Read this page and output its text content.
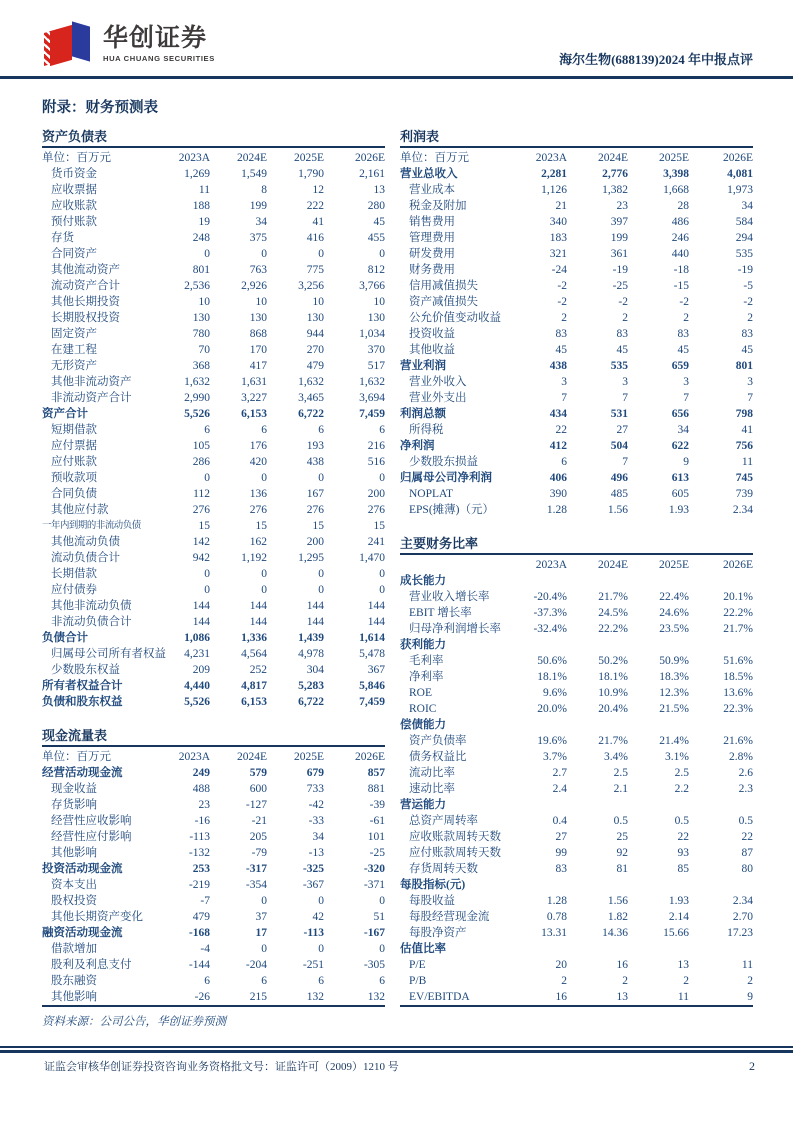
华创证券
HUA CHUANG SECURITIES	海尔生物(688139)2024 年中报点评
附录：财务预测表
资产负债表
单位：百万元	2023A	2024E	2025E	2026E
货币资金	1,269	1,549	1,790	2,161
应收票据	11	8	12	13
应收账款	188	199	222	280
预付账款	19	34	41	45
存货	248	375	416	455
合同资产	0	0	0	0
其他流动资产	801	763	775	812
流动资产合计	2,536	2,926	3,256	3,766
其他长期投资	10	10	10	10
长期股权投资	130	130	130	130
固定资产	780	868	944	1,034
在建工程	70	170	270	370
无形资产	368	417	479	517
其他非流动资产	1,632	1,631	1,632	1,632
非流动资产合计	2,990	3,227	3,465	3,694
资产合计	5,526	6,153	6,722	7,459
短期借款	6	6	6	6
应付票据	105	176	193	216
应付账款	286	420	438	516
预收款项	0	0	0	0
合同负债	112	136	167	200
其他应付款	276	276	276	276
一年内到期的非流动负债	15	15	15	15
其他流动负债	142	162	200	241
流动负债合计	942	1,192	1,295	1,470
长期借款	0	0	0	0
应付债券	0	0	0	0
其他非流动负债	144	144	144	144
非流动负债合计	144	144	144	144
负债合计	1,086	1,336	1,439	1,614
归属母公司所有者权益	4,231	4,564	4,978	5,478
少数股东权益	209	252	304	367
所有者权益合计	4,440	4,817	5,283	5,846
负债和股东权益	5,526	6,153	6,722	7,459
现金流量表
单位：百万元	2023A	2024E	2025E	2026E
经营活动现金流	249	579	679	857
现金收益	488	600	733	881
存货影响	23	-127	-42	-39
经营性应收影响	-16	-21	-33	-61
经营性应付影响	-113	205	34	101
其他影响	-132	-79	-13	-25
投资活动现金流	253	-317	-325	-320
资本支出	-219	-354	-367	-371
股权投资	-7	0	0	0
其他长期资产变化	479	37	42	51
融资活动现金流	-168	17	-113	-167
借款增加	-4	0	0	0
股利及利息支付	-144	-204	-251	-305
股东融资	6	6	6	6
其他影响	-26	215	132	132
资料来源：公司公告，华创证券预测
利润表
单位：百万元	2023A	2024E	2025E	2026E
营业总收入	2,281	2,776	3,398	4,081
营业成本	1,126	1,382	1,668	1,973
税金及附加	21	23	28	34
销售费用	340	397	486	584
管理费用	183	199	246	294
研发费用	321	361	440	535
财务费用	-24	-19	-18	-19
信用减值损失	-2	-25	-15	-5
资产减值损失	-2	-2	-2	-2
公允价值变动收益	2	2	2	2
投资收益	83	83	83	83
其他收益	45	45	45	45
营业利润	438	535	659	801
营业外收入	3	3	3	3
营业外支出	7	7	7	7
利润总额	434	531	656	798
所得税	22	27	34	41
净利润	412	504	622	756
少数股东损益	6	7	9	11
归属母公司净利润	406	496	613	745
NOPLAT	390	485	605	739
EPS(摊薄)（元）	1.28	1.56	1.93	2.34
主要财务比率
2023A	2024E	2025E	2026E
成长能力
营业收入增长率	-20.4%	21.7%	22.4%	20.1%
EBIT 增长率	-37.3%	24.5%	24.6%	22.2%
归母净利润增长率	-32.4%	22.2%	23.5%	21.7%
获利能力
毛利率	50.6%	50.2%	50.9%	51.6%
净利率	18.1%	18.1%	18.3%	18.5%
ROE	9.6%	10.9%	12.3%	13.6%
ROIC	20.0%	20.4%	21.5%	22.3%
偿债能力
资产负债率	19.6%	21.7%	21.4%	21.6%
债务权益比	3.7%	3.4%	3.1%	2.8%
流动比率	2.7	2.5	2.5	2.6
速动比率	2.4	2.1	2.2	2.3
营运能力
总资产周转率	0.4	0.5	0.5	0.5
应收账款周转天数	27	25	22	22
应付账款周转天数	99	92	93	87
存货周转天数	83	81	85	80
每股指标(元)
每股收益	1.28	1.56	1.93	2.34
每股经营现金流	0.78	1.82	2.14	2.70
每股净资产	13.31	14.36	15.66	17.23
估值比率
P/E	20	16	13	11
P/B	2	2	2	2
EV/EBITDA	16	13	11	9
证监会审核华创证券投资咨询业务资格批文号：证监许可（2009）1210 号	2
